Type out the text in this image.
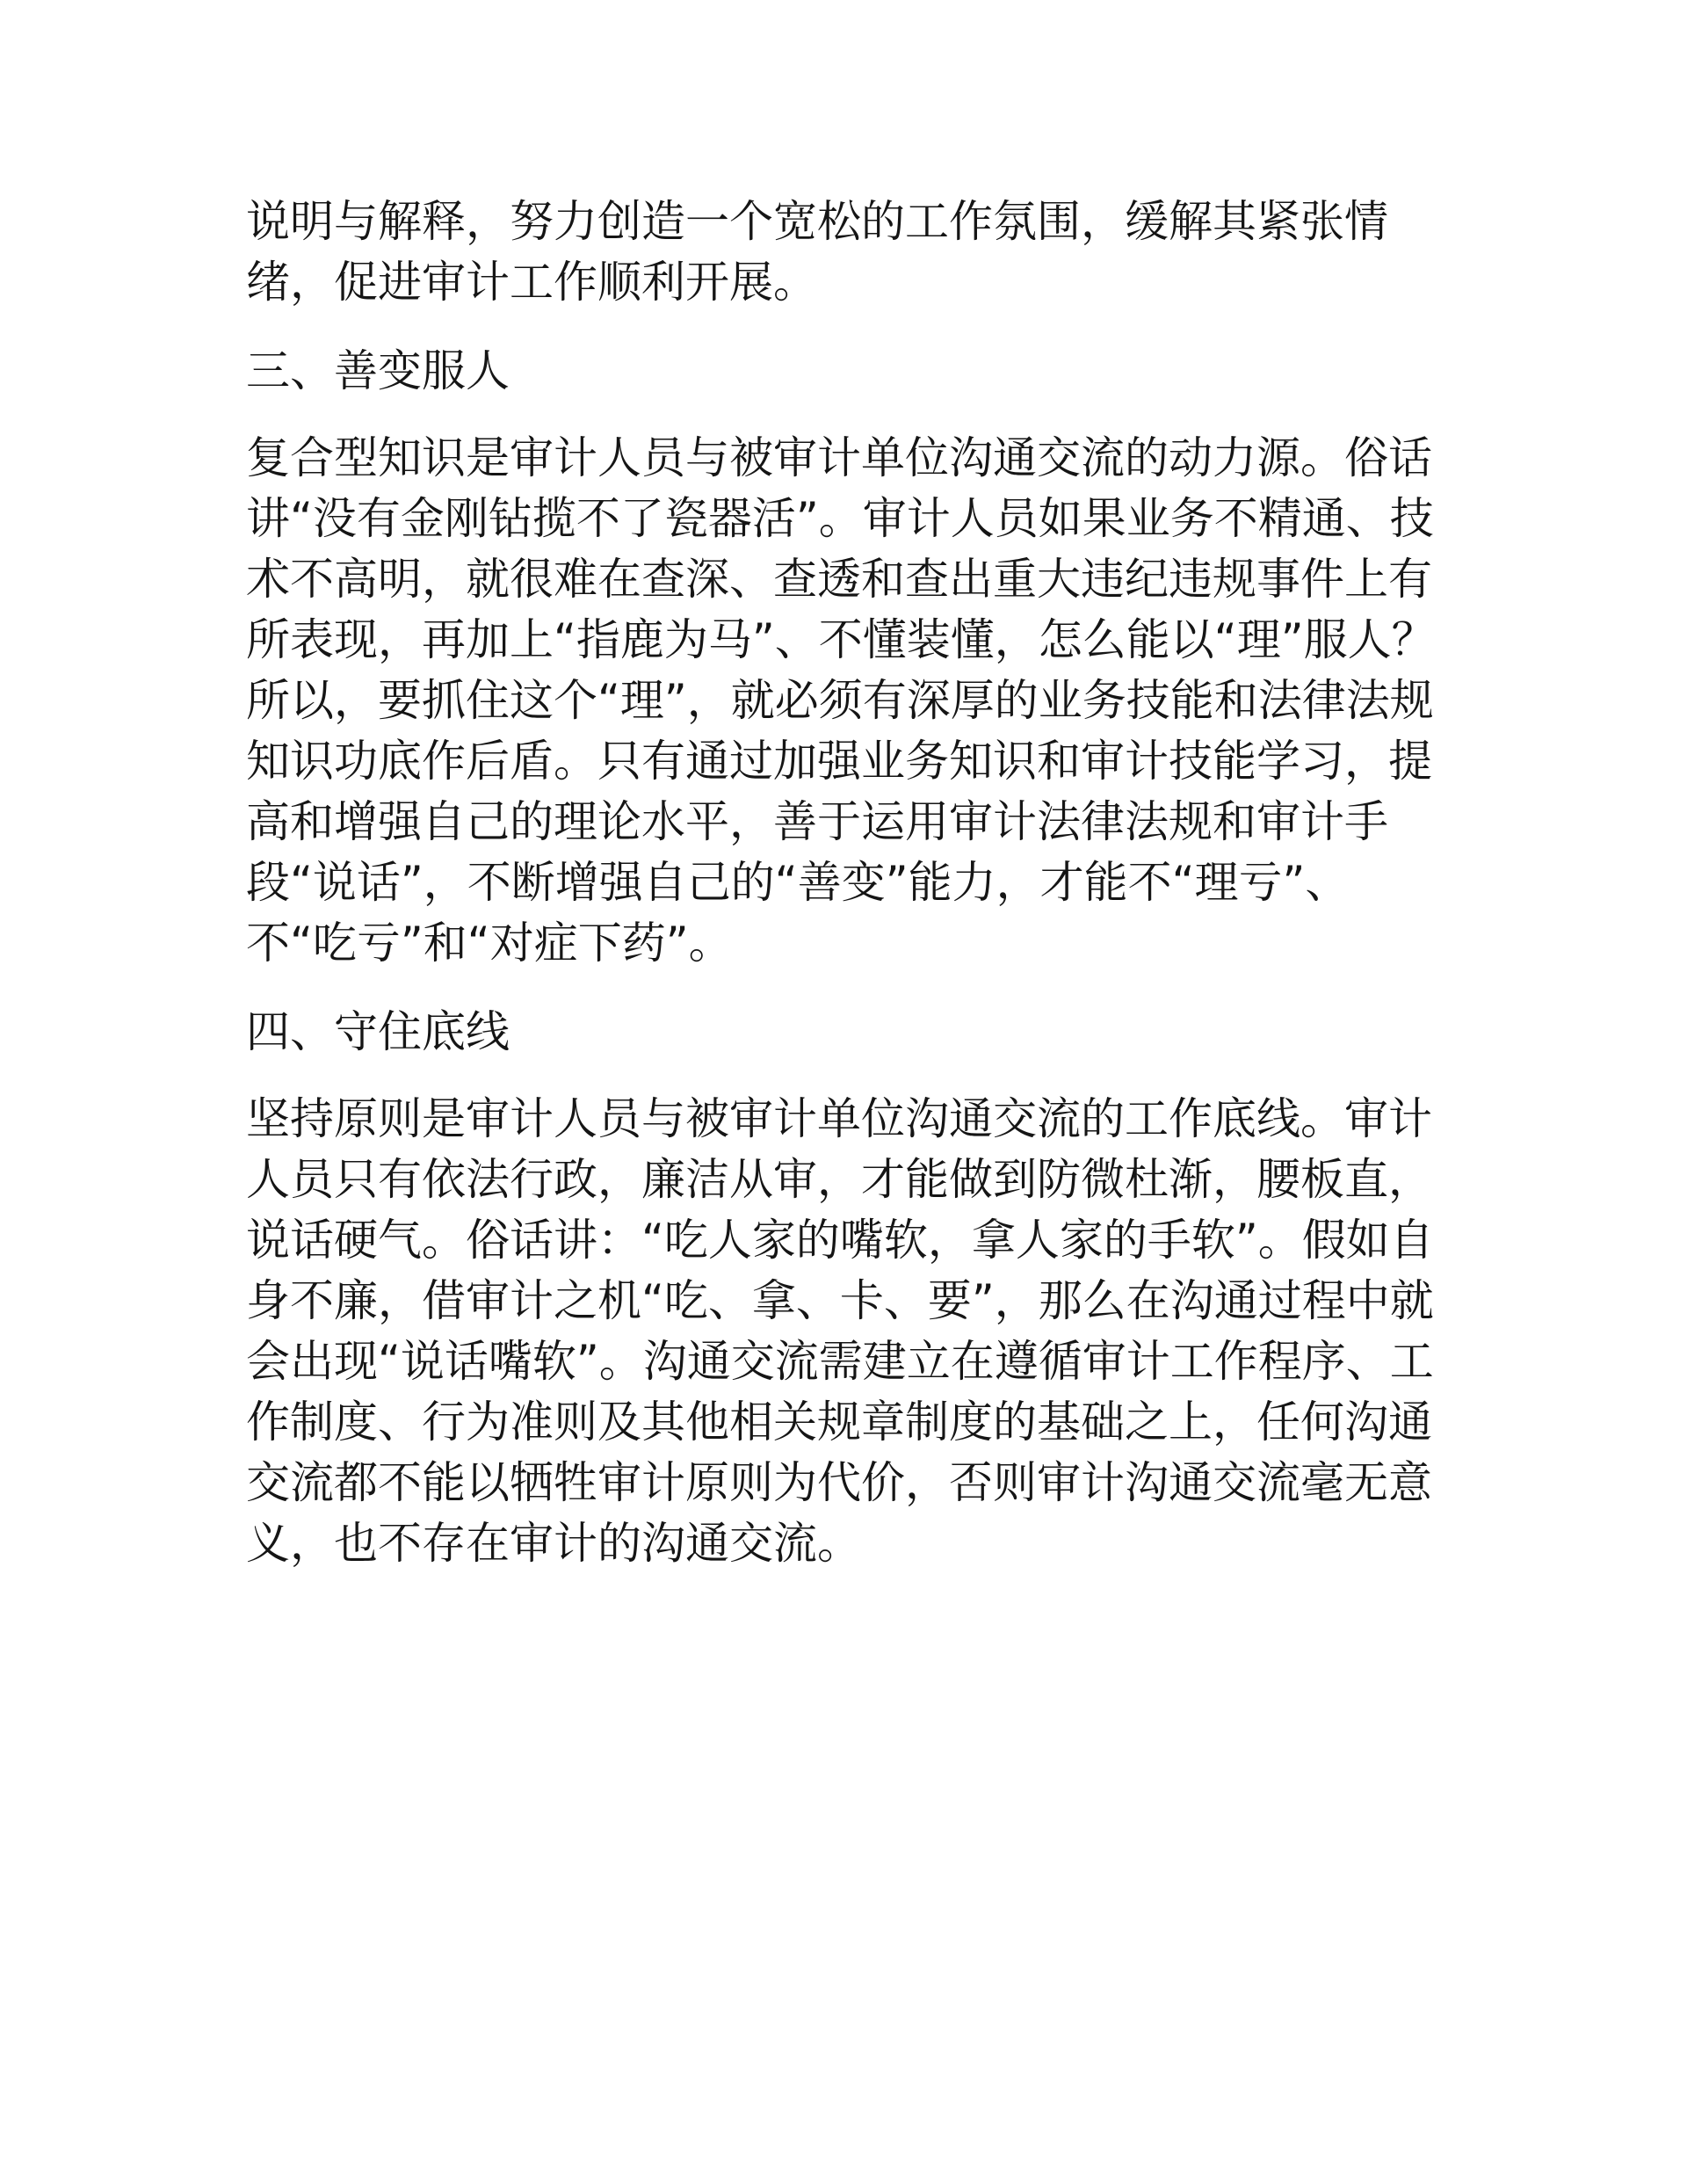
说明与解释，努力创造一个宽松的工作氛围，缓解其紧张情绪，促进审计工作顺利开展。

三、善变服人

复合型知识是审计人员与被审计单位沟通交流的动力源。俗话讲“没有金刚钻揽不了瓷器活”。审计人员如果业务不精通、技术不高明，就很难在查深、查透和查出重大违纪违规事件上有所表现，再加上“指鹿为马”、不懂装懂，怎么能以“理”服人？所以，要抓住这个“理”，就必须有深厚的业务技能和法律法规知识功底作后盾。只有通过加强业务知识和审计技能学习，提高和增强自己的理论水平，善于运用审计法律法规和审计手段“说话”，不断增强自己的“善变”能力，才能不“理亏”、不“吃亏”和“对症下药”。

四、守住底线

坚持原则是审计人员与被审计单位沟通交流的工作底线。审计人员只有依法行政，廉洁从审，才能做到防微杜渐，腰板直，说话硬气。俗话讲：“吃人家的嘴软，拿人家的手软”。假如自身不廉，借审计之机“吃、拿、卡、要”，那么在沟通过程中就会出现“说话嘴软”。沟通交流需建立在遵循审计工作程序、工作制度、行为准则及其他相关规章制度的基础之上，任何沟通交流都不能以牺牲审计原则为代价，否则审计沟通交流毫无意义，也不存在审计的沟通交流。
